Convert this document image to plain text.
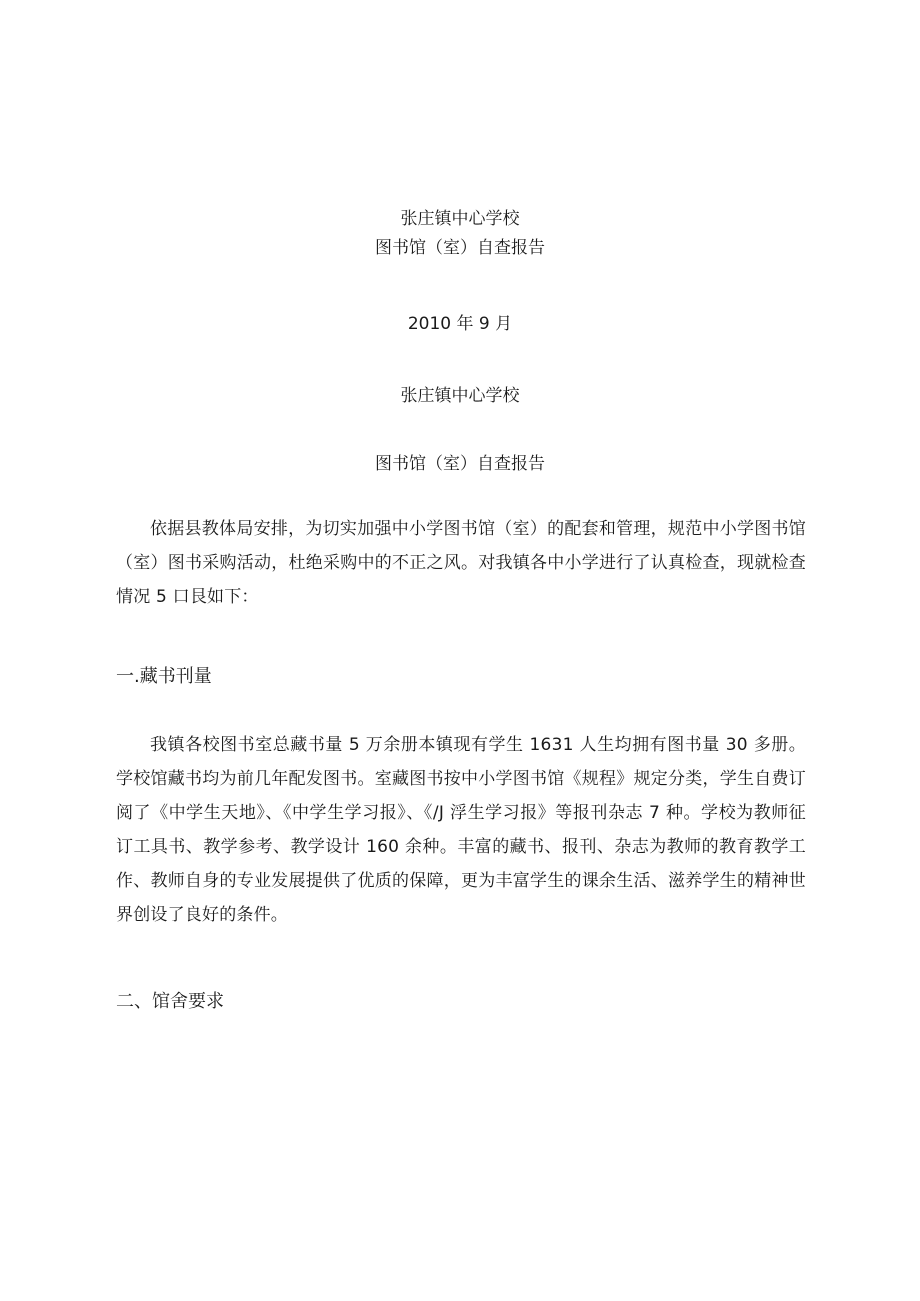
张庄镇中心学校
图书馆（室）自查报告
2010 年 9 月
张庄镇中心学校
图书馆（室）自查报告
依据县教体局安排，为切实加强中小学图书馆（室）的配套和管理，规范中小学图书馆（室）图书采购活动，杜绝采购中的不正之风。对我镇各中小学进行了认真检查，现就检查情况 5 口艮如下：
一.藏书刊量
我镇各校图书室总藏书量 5 万余册本镇现有学生 1631 人生均拥有图书量 30 多册。学校馆藏书均为前几年配发图书。室藏图书按中小学图书馆《规程》规定分类，学生自费订阅了《中学生天地》、《中学生学习报》、《/J 浮生学习报》等报刊杂志 7 种。学校为教师征订工具书、教学参考、教学设计 160 余种。丰富的藏书、报刊、杂志为教师的教育教学工作、教师自身的专业发展提供了优质的保障，更为丰富学生的课余生活、滋养学生的精神世界创设了良好的条件。
二、馆舍要求
